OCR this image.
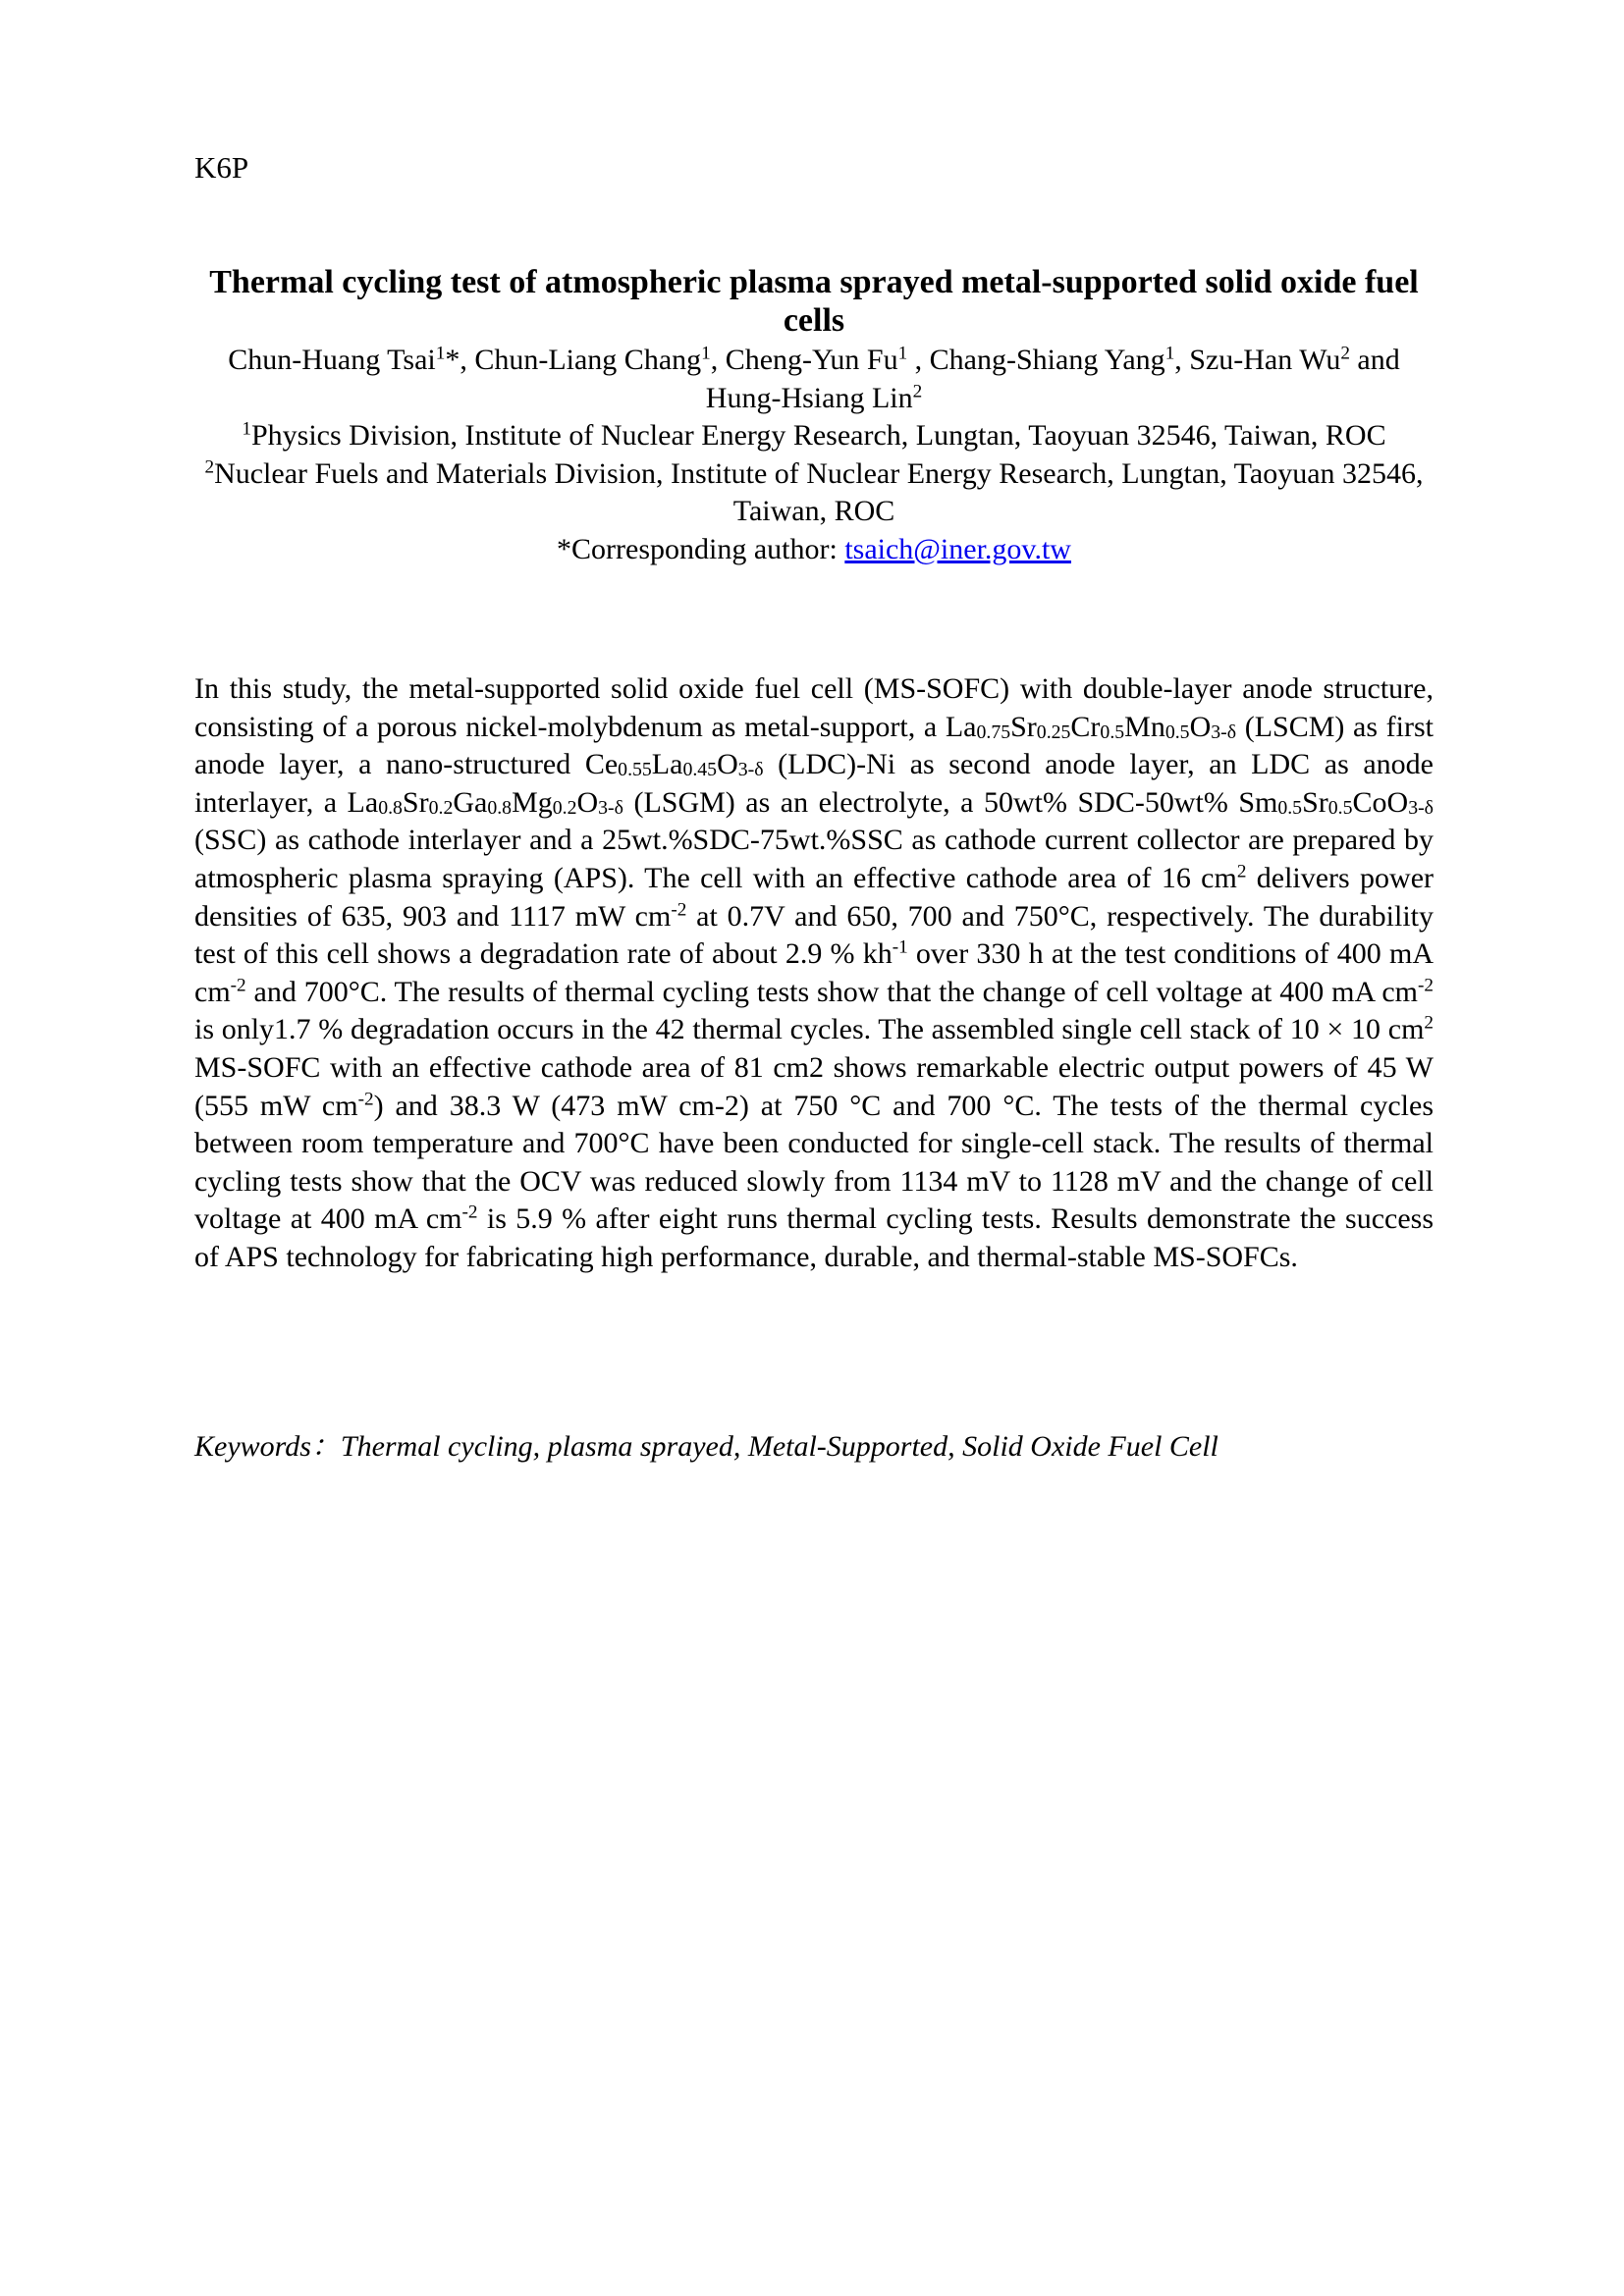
K6P
Thermal cycling test of atmospheric plasma sprayed metal-supported solid oxide fuel cells

Chun-Huang Tsai$^1$*, Chun-Liang Chang$^1$, Cheng-Yun Fu$^1$ , Chang-Shiang Yang$^1$, Szu-Han Wu$^2$ and Hung-Hsiang Lin$^2$

$^1$Physics Division, Institute of Nuclear Energy Research, Lungtan, Taoyuan 32546, Taiwan, ROC

$^2$Nuclear Fuels and Materials Division, Institute of Nuclear Energy Research, Lungtan, Taoyuan 32546, Taiwan, ROC

*Corresponding author: tsaich@iner.gov.tw

In this study, the metal-supported solid oxide fuel cell (MS-SOFC) with double-layer anode structure, consisting of a porous nickel-molybdenum as metal-support, a $La_{0.75}Sr_{0.25}Cr_{0.5}Mn_{0.5}O_{3-\delta}$ (LSCM) as first anode layer, a nano-structured $Ce_{0.55}La_{0.45}O_{3-\delta}$ (LDC)-Ni as second anode layer, an LDC as anode interlayer, a $La_{0.8}Sr_{0.2}Ga_{0.8}Mg_{0.2}O_{3-\delta}$ (LSGM) as an electrolyte, a 50wt% SDC-50wt% $Sm_{0.5}Sr_{0.5}CoO_{3-\delta}$ (SSC) as cathode interlayer and a 25wt.%SDC-75wt.%SSC as cathode current collector are prepared by atmospheric plasma spraying (APS). The cell with an effective cathode area of 16 $cm^2$ delivers power densities of 635, 903 and 1117 mW $cm^{-2}$ at 0.7V and 650, 700 and 750°C, respectively. The durability test of this cell shows a degradation rate of about 2.9 % $kh^{-1}$ over 330 h at the test conditions of 400 mA $cm^{-2}$ and 700°C. The results of thermal cycling tests show that the change of cell voltage at 400 mA $cm^{-2}$ is only1.7 % degradation occurs in the 42 thermal cycles. The assembled single cell stack of 10 × 10 $cm^2$ MS-SOFC with an effective cathode area of 81 cm2 shows remarkable electric output powers of 45 W (555 mW $cm^{-2}$) and 38.3 W (473 mW cm-2) at 750 °C and 700 °C. The tests of the thermal cycles between room temperature and 700°C have been conducted for single-cell stack. The results of thermal cycling tests show that the OCV was reduced slowly from 1134 mV to 1128 mV and the change of cell voltage at 400 mA $cm^{-2}$ is 5.9 % after eight runs thermal cycling tests. Results demonstrate the success of APS technology for fabricating high performance, durable, and thermal-stable MS-SOFCs.

Keywords：Thermal cycling, plasma sprayed, Metal-Supported, Solid Oxide Fuel Cell
